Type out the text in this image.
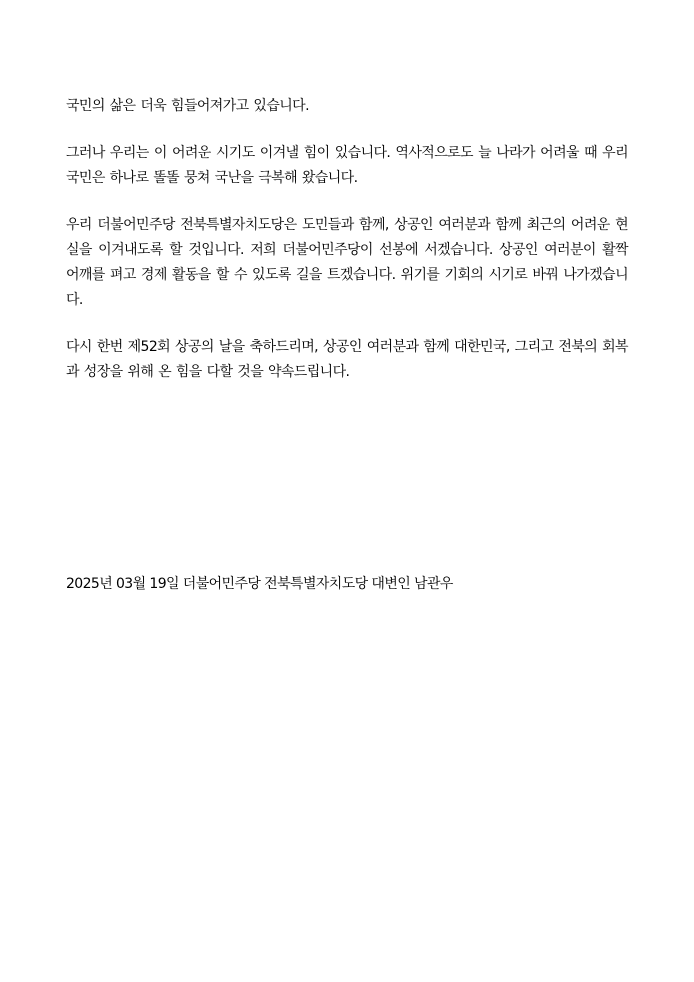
국민의 삶은 더욱 힘들어져가고 있습니다.

그러나 우리는 이 어려운 시기도 이겨낼 힘이 있습니다. 역사적으로도 늘 나라가 어려울 때 우리 국민은 하나로 똘똘 뭉쳐 국난을 극복해 왔습니다.

우리 더불어민주당 전북특별자치도당은 도민들과 함께, 상공인 여러분과 함께 최근의 어려운 현실을 이겨내도록 할 것입니다. 저희 더불어민주당이 선봉에 서겠습니다. 상공인 여러분이 활짝 어깨를 펴고 경제 활동을 할 수 있도록 길을 트겠습니다. 위기를 기회의 시기로 바꿔 나가겠습니다.

다시 한번 제52회 상공의 날을 축하드리며, 상공인 여러분과 함께 대한민국, 그리고 전북의 회복과 성장을 위해 온 힘을 다할 것을 약속드립니다.

2025년 03월 19일 더불어민주당 전북특별자치도당 대변인 남관우
